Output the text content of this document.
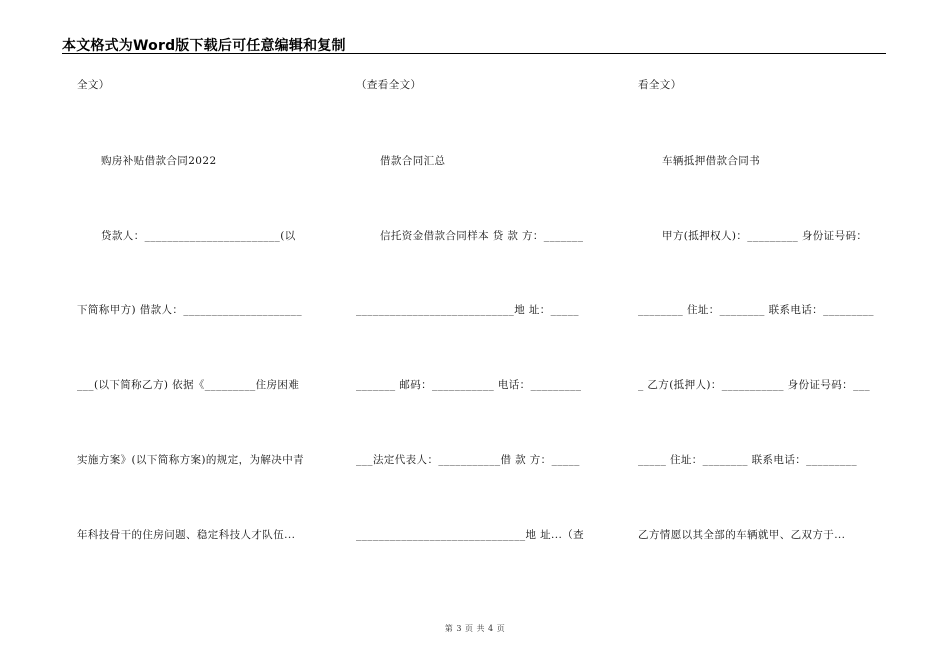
本文格式为Word版下载后可任意编辑和复制
全文）
购房补贴借款合同2022
贷款人：________________________(以
下简称甲方) 借款人：_____________________
___(以下简称乙方) 依据《_________住房困难
实施方案》(以下简称方案)的规定，为解决中青
年科技骨干的住房问题、稳定科技人才队伍...
（查看全文）
借款合同汇总
信托资金借款合同样本 贷 款 方：_______
____________________________地 址：_____
_______ 邮码：___________ 电话：_________
___法定代表人：___________借 款 方：_____
______________________________地 址...（查
看全文）
车辆抵押借款合同书
甲方(抵押权人)：_________ 身份证号码：
________ 住址：________ 联系电话：_________
_ 乙方(抵押人)：___________ 身份证号码：___
_____ 住址：________ 联系电话：_________
乙方情愿以其全部的车辆就甲、乙双方于...
第 3 页 共 4 页
